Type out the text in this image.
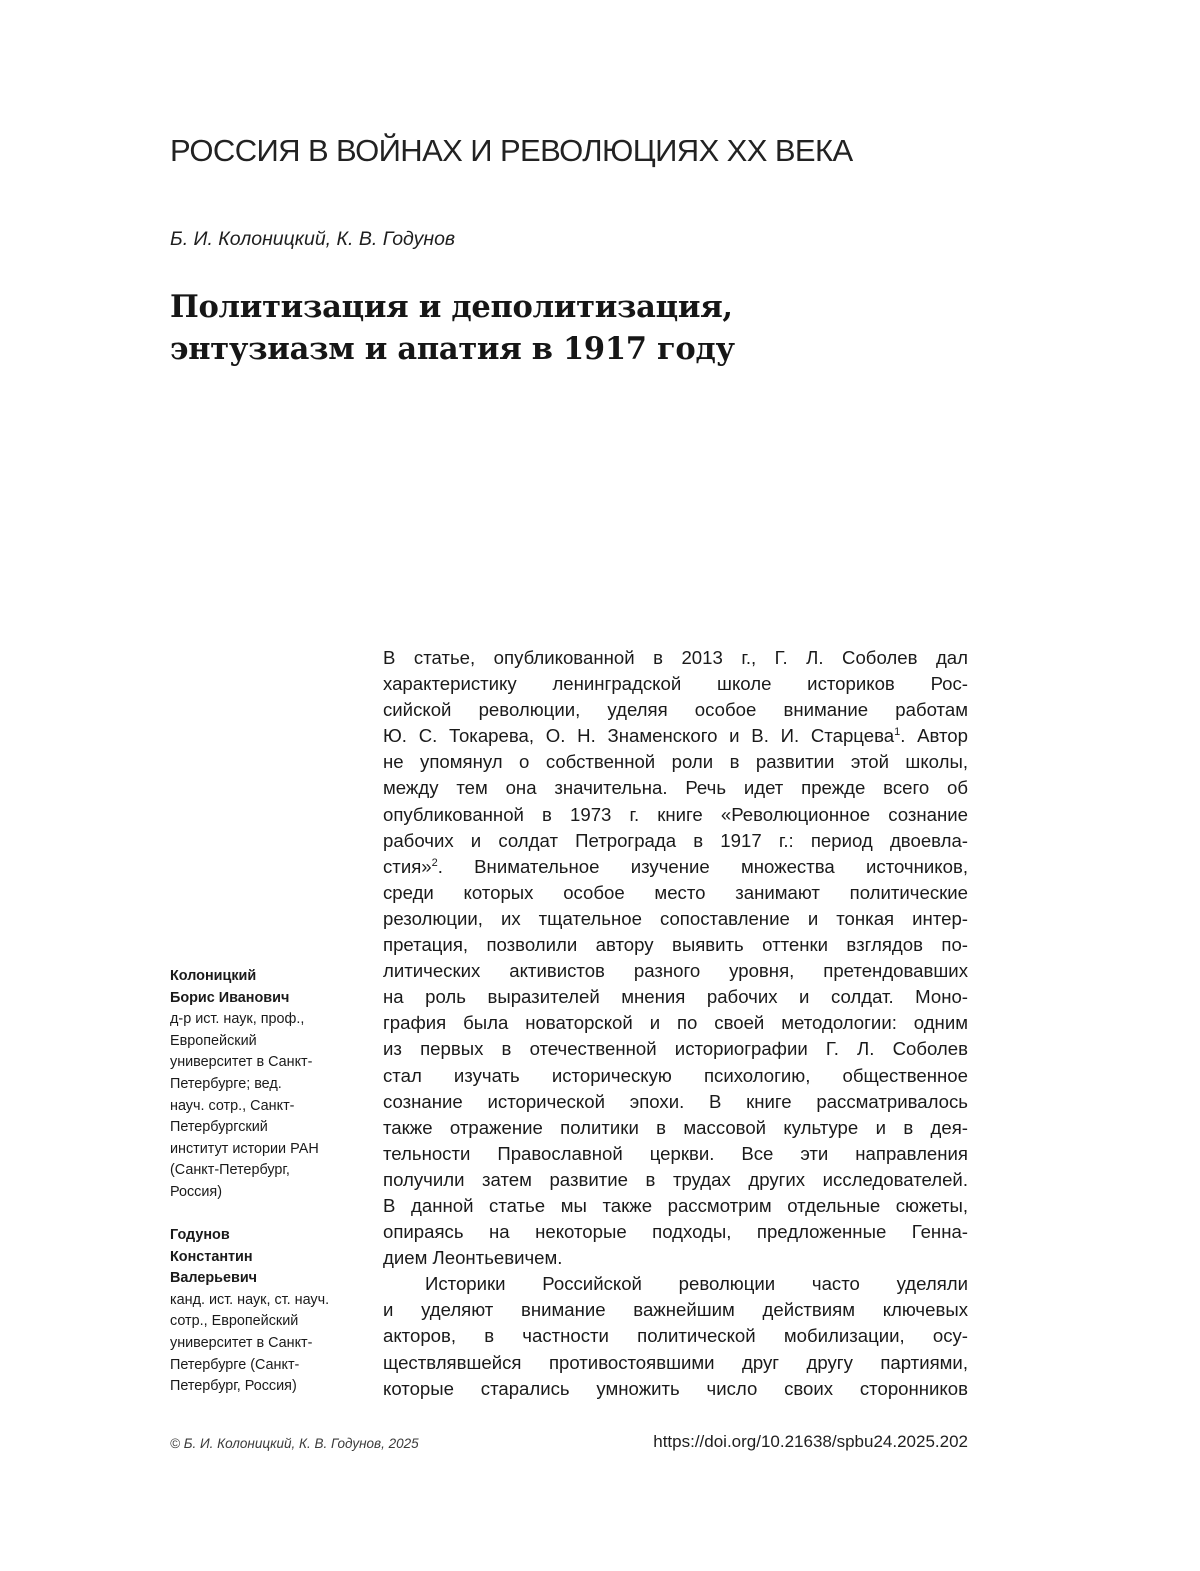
РОССИЯ В ВОЙНАХ И РЕВОЛЮЦИЯХ XX ВЕКА
Б. И. Колоницкий, К. В. Годунов
Политизация и деполитизация,
энтузиазм и апатия в 1917 году
В статье, опубликованной в 2013 г., Г. Л. Соболев дал
характеристику ленинградской школе историков Рос-
сийской революции, уделяя особое внимание работам
Ю. С. Токарева, О. Н. Знаменского и В. И. Старцева$^1$. Автор
не упомянул о собственной роли в развитии этой школы,
между тем она значительна. Речь идет прежде всего об
опубликованной в 1973 г. книге «Революционное сознание
рабочих и солдат Петрограда в 1917 г.: период двоевла-
стия»$^2$. Внимательное изучение множества источников,
среди которых особое место занимают политические
резолюции, их тщательное сопоставление и тонкая интер-
претация, позволили автору выявить оттенки взглядов по-
литических активистов разного уровня, претендовавших
на роль выразителей мнения рабочих и солдат. Моно-
графия была новаторской и по своей методологии: одним
из первых в отечественной историографии Г. Л. Соболев
стал изучать историческую психологию, общественное
сознание исторической эпохи. В книге рассматривалось
также отражение политики в массовой культуре и в дея-
тельности Православной церкви. Все эти направления
получили затем развитие в трудах других исследователей.
В данной статье мы также рассмотрим отдельные сюжеты,
опираясь на некоторые подходы, предложенные Генна-
дием Леонтьевичем.
Историки Российской революции часто уделяли
и уделяют внимание важнейшим действиям ключевых
акторов, в частности политической мобилизации, осу-
ществлявшейся противостоявшими друг другу партиями,
которые старались умножить число своих сторонников
Колоницкий
Борис Иванович
д-р ист. наук, проф.,
Европейский
университет в Санкт-
Петербурге; вед.
науч. сотр., Санкт-
Петербургский
институт истории РАН
(Санкт-Петербург,
Россия)
Годунов
Константин
Валерьевич
канд. ист. наук, ст. науч.
сотр., Европейский
университет в Санкт-
Петербурге (Санкт-
Петербург, Россия)
© Б. И. Колоницкий, К. В. Годунов, 2025	https://doi.org/10.21638/spbu24.2025.202
